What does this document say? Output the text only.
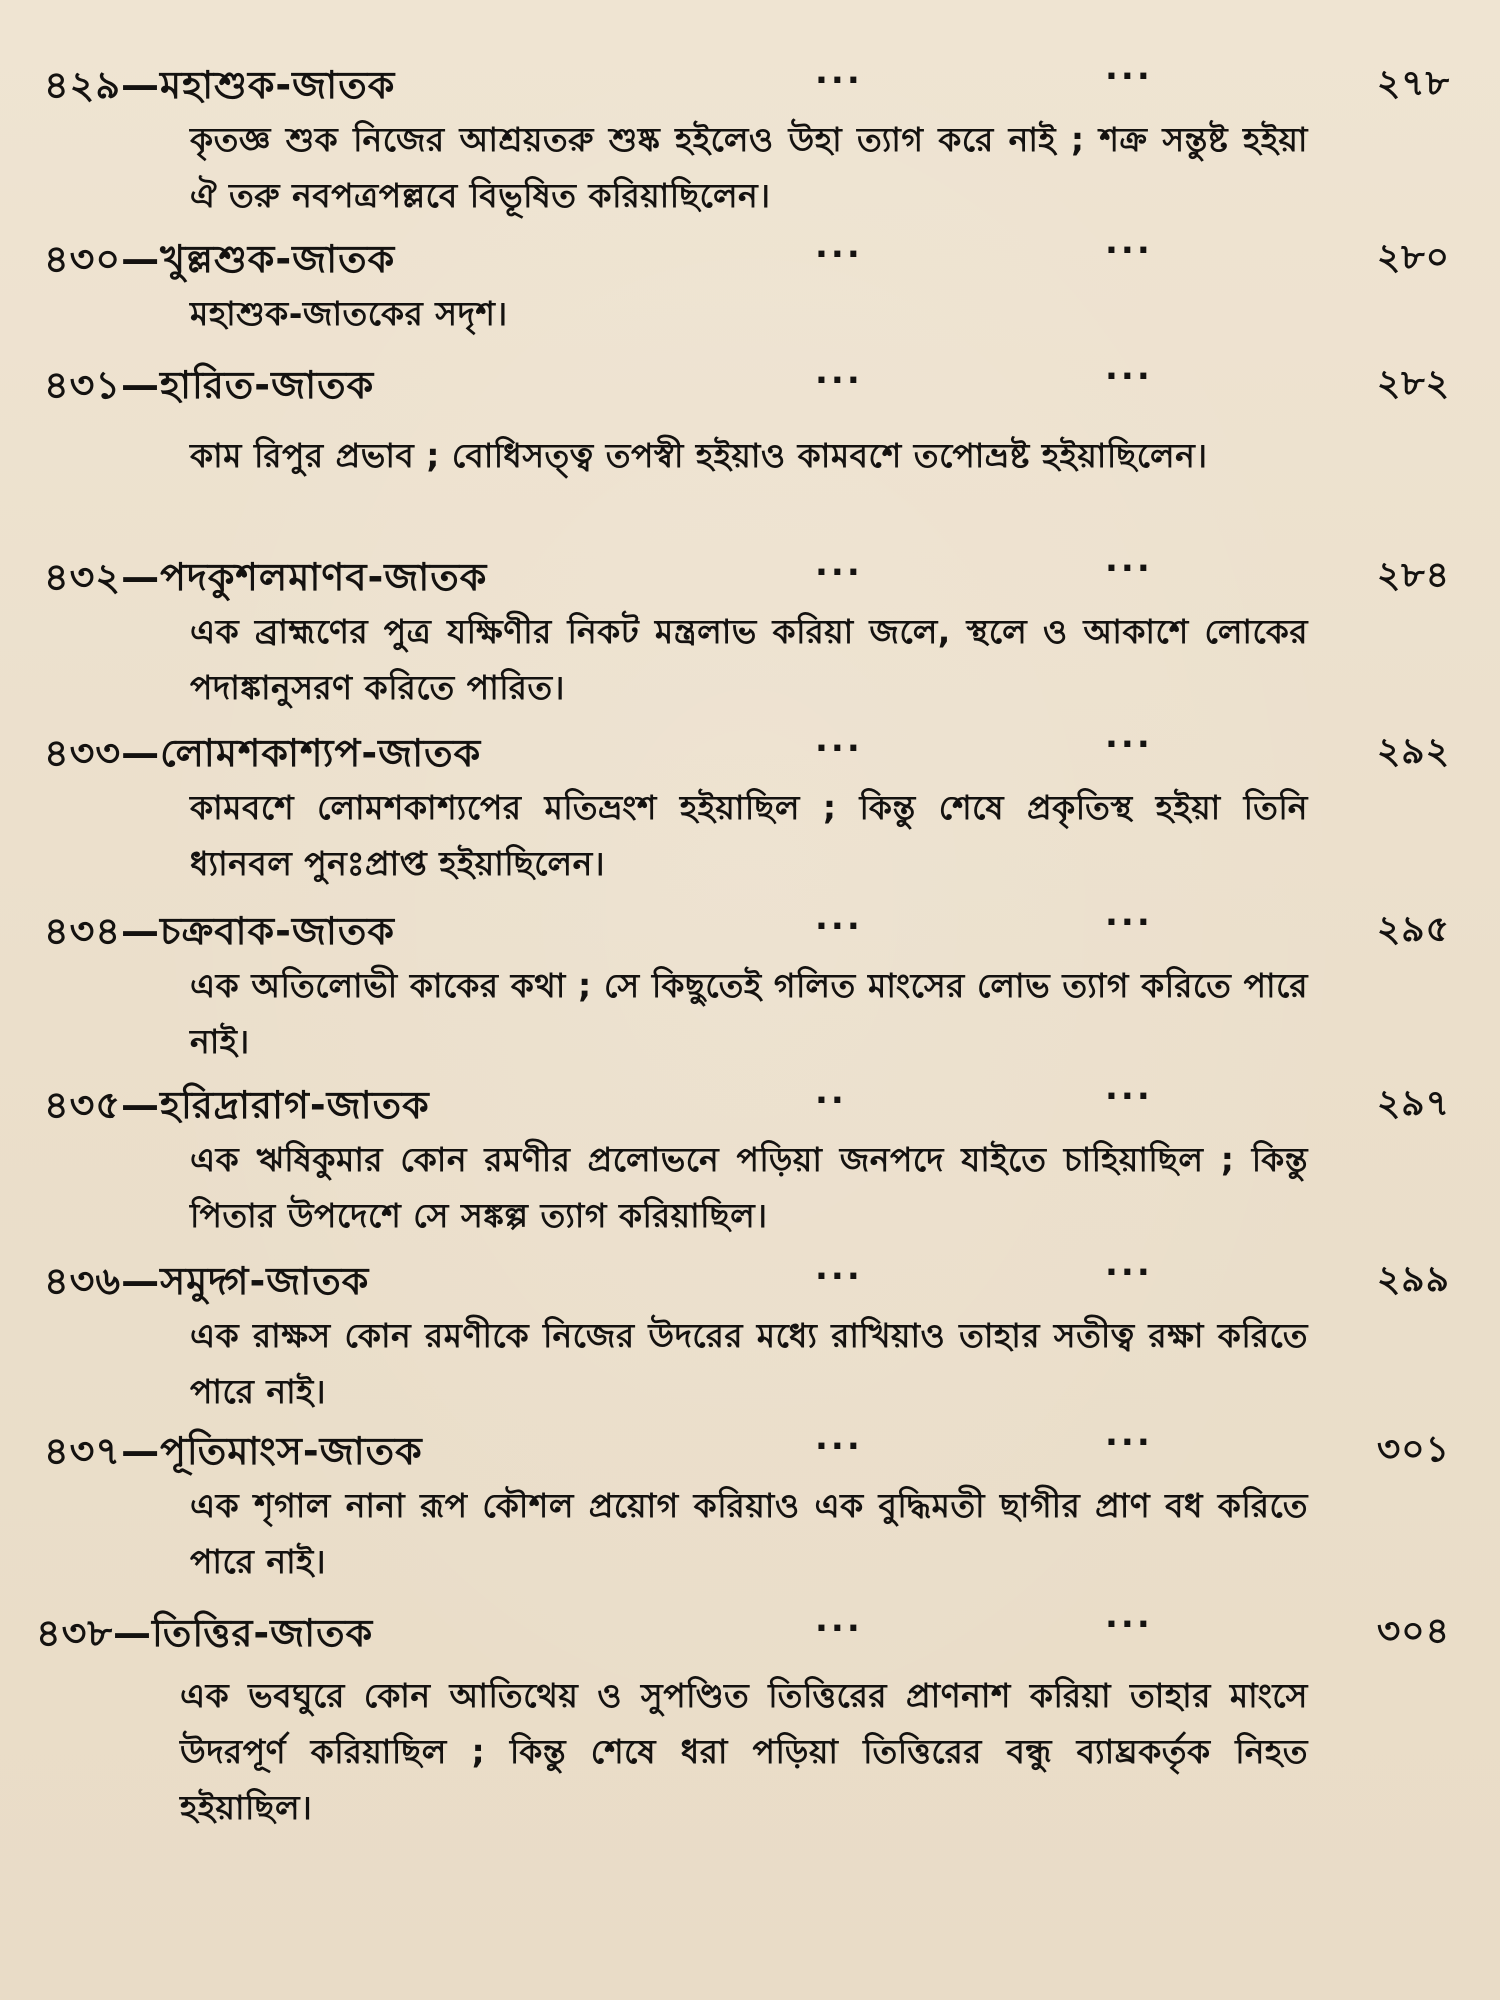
৪২৯—মহাশুক-জাতক	...	...	২৭৮
কৃতজ্ঞ শুক নিজের আশ্রয়তরু শুষ্ক হইলেও উহা ত্যাগ করে নাই ; শক্র সন্তুষ্ট হইয়া ঐ তরু নবপত্রপল্লবে বিভূষিত করিয়াছিলেন।
৪৩০—খুল্লশুক-জাতক	...	...	২৮০
মহাশুক-জাতকের সদৃশ।
৪৩১—হারিত-জাতক	...	...	২৮২
কাম রিপুর প্রভাব ; বোধিসত্ত্ব তপস্বী হইয়াও কামবশে তপোভ্রষ্ট হইয়াছিলেন।
৪৩২—পদকুশলমাণব-জাতক	...	...	২৮৪
এক ব্রাহ্মণের পুত্র যক্ষিণীর নিকট মন্ত্রলাভ করিয়া জলে, স্থলে ও আকাশে লোকের পদাঙ্কানুসরণ করিতে পারিত।
৪৩৩—লোমশকাশ্যপ-জাতক	...	...	২৯২
কামবশে লোমশকাশ্যপের মতিভ্রংশ হইয়াছিল ; কিন্তু শেষে প্রকৃতিস্থ হইয়া তিনি ধ্যানবল পুনঃপ্রাপ্ত হইয়াছিলেন।
৪৩৪—চক্রবাক-জাতক	...	...	২৯৫
এক অতিলোভী কাকের কথা ; সে কিছুতেই গলিত মাংসের লোভ ত্যাগ করিতে পারে নাই।
৪৩৫—হরিদ্রারাগ-জাতক	..	...	২৯৭
এক ঋষিকুমার কোন রমণীর প্রলোভনে পড়িয়া জনপদে যাইতে চাহিয়াছিল ; কিন্তু পিতার উপদেশে সে সঙ্কল্প ত্যাগ করিয়াছিল।
৪৩৬—সমুদ্গ-জাতক	...	...	২৯৯
এক রাক্ষস কোন রমণীকে নিজের উদরের মধ্যে রাখিয়াও তাহার সতীত্ব রক্ষা করিতে পারে নাই।
৪৩৭—পূতিমাংস-জাতক	...	...	৩০১
এক শৃগাল নানা রূপ কৌশল প্রয়োগ করিয়াও এক বুদ্ধিমতী ছাগীর প্রাণ বধ করিতে পারে নাই।
৪৩৮—তিত্তির-জাতক	...	...	৩০৪
এক ভবঘুরে কোন আতিথেয় ও সুপণ্ডিত তিত্তিরের প্রাণনাশ করিয়া তাহার মাংসে উদরপূর্ণ করিয়াছিল ; কিন্তু শেষে ধরা পড়িয়া তিত্তিরের বন্ধু ব্যাঘ্রকর্তৃক নিহত হইয়াছিল।
